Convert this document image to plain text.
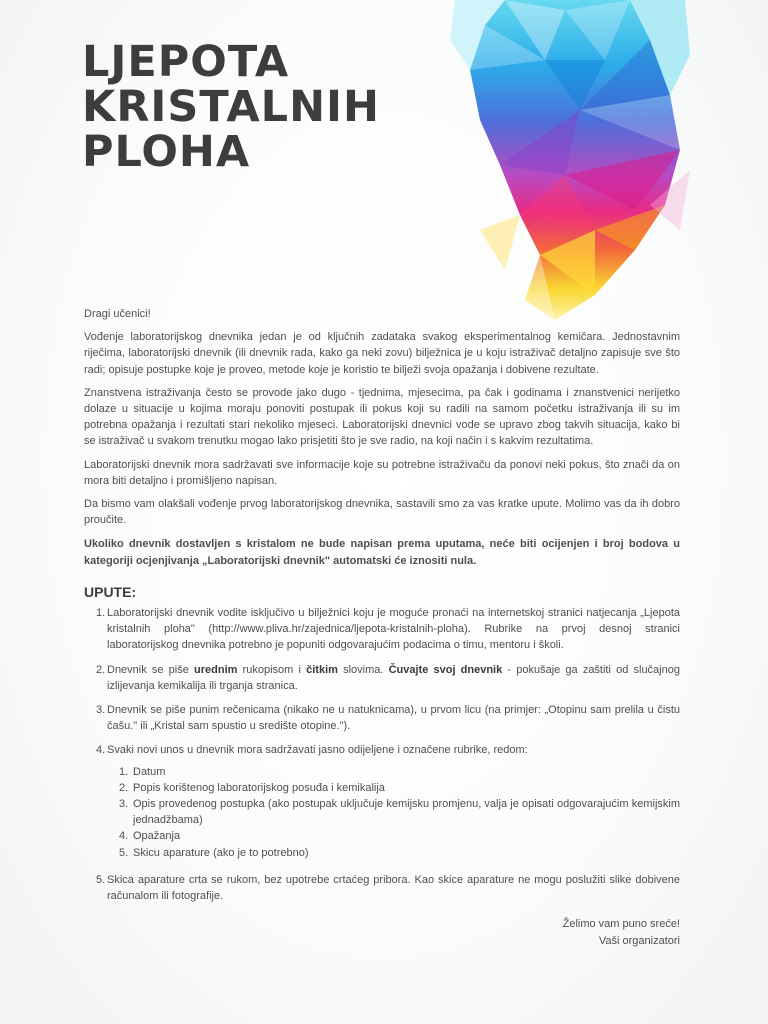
LJEPOTA
KRISTALNIH
PLOHA

Dragi učenici!

Vođenje laboratorijskog dnevnika jedan je od ključnih zadataka svakog eksperimentalnog kemičara. Jednostavnim riječima, laboratorijski dnevnik (ili dnevnik rada, kako ga neki zovu) bilježnica je u koju istraživač detaljno zapisuje sve što radi; opisuje postupke koje je proveo, metode koje je koristio te bilježi svoja opažanja i dobivene rezultate.

Znanstvena istraživanja često se provode jako dugo - tjednima, mjesecima, pa čak i godinama i znanstvenici nerijetko dolaze u situacije u kojima moraju ponoviti postupak ili pokus koji su radili na samom početku istraživanja ili su im potrebna opažanja i rezultati stari nekoliko mjeseci. Laboratorijski dnevnici vode se upravo zbog takvih situacija, kako bi se istraživač u svakom trenutku mogao lako prisjetiti što je sve radio, na koji način i s kakvim rezultatima.

Laboratorijski dnevnik mora sadržavati sve informacije koje su potrebne istraživaču da ponovi neki pokus, što znači da on mora biti detaljno i promišljeno napisan.

Da bismo vam olakšali vođenje prvog laboratorijskog dnevnika, sastavili smo za vas kratke upute. Molimo vas da ih dobro proučite.

Ukoliko dnevnik dostavljen s kristalom ne bude napisan prema uputama, neće biti ocijenjen i broj bodova u kategoriji ocjenjivanja „Laboratorijski dnevnik" automatski će iznositi nula.

UPUTE:
1. Laboratorijski dnevnik vodite isključivo u bilježnici koju je moguće pronaći na internetskoj stranici natjecanja „Ljepota kristalnih ploha" (http://www.pliva.hr/zajednica/ljepota-kristalnih-ploha). Rubrike na prvoj desnoj stranici laboratorijskog dnevnika potrebno je popuniti odgovarajućim podacima o timu, mentoru i školi.
2. Dnevnik se piše urednim rukopisom i čitkim slovima. Čuvajte svoj dnevnik - pokušaje ga zaštiti od slučajnog izlijevanja kemikalija ili trganja stranica.
3. Dnevnik se piše punim rečenicama (nikako ne u natuknicama), u prvom licu (na primjer: „Otopinu sam prelila u čistu čašu." ili „Kristal sam spustio u središte otopine.").
4. Svaki novi unos u dnevnik mora sadržavati jasno odijeljene i označene rubrike, redom:
1. Datum
2. Popis korištenog laboratorijskog posuđa i kemikalija
3. Opis provedenog postupka (ako postupak uključuje kemijsku promjenu, valja je opisati odgovarajućim kemijskim jednadžbama)
4. Opažanja
5. Skicu aparature (ako je to potrebno)
5. Skica aparature crta se rukom, bez upotrebe crtaćeg pribora. Kao skice aparature ne mogu poslužiti slike dobivene računalom ili fotografije.
Želimo vam puno sreće!
Vaši organizatori
